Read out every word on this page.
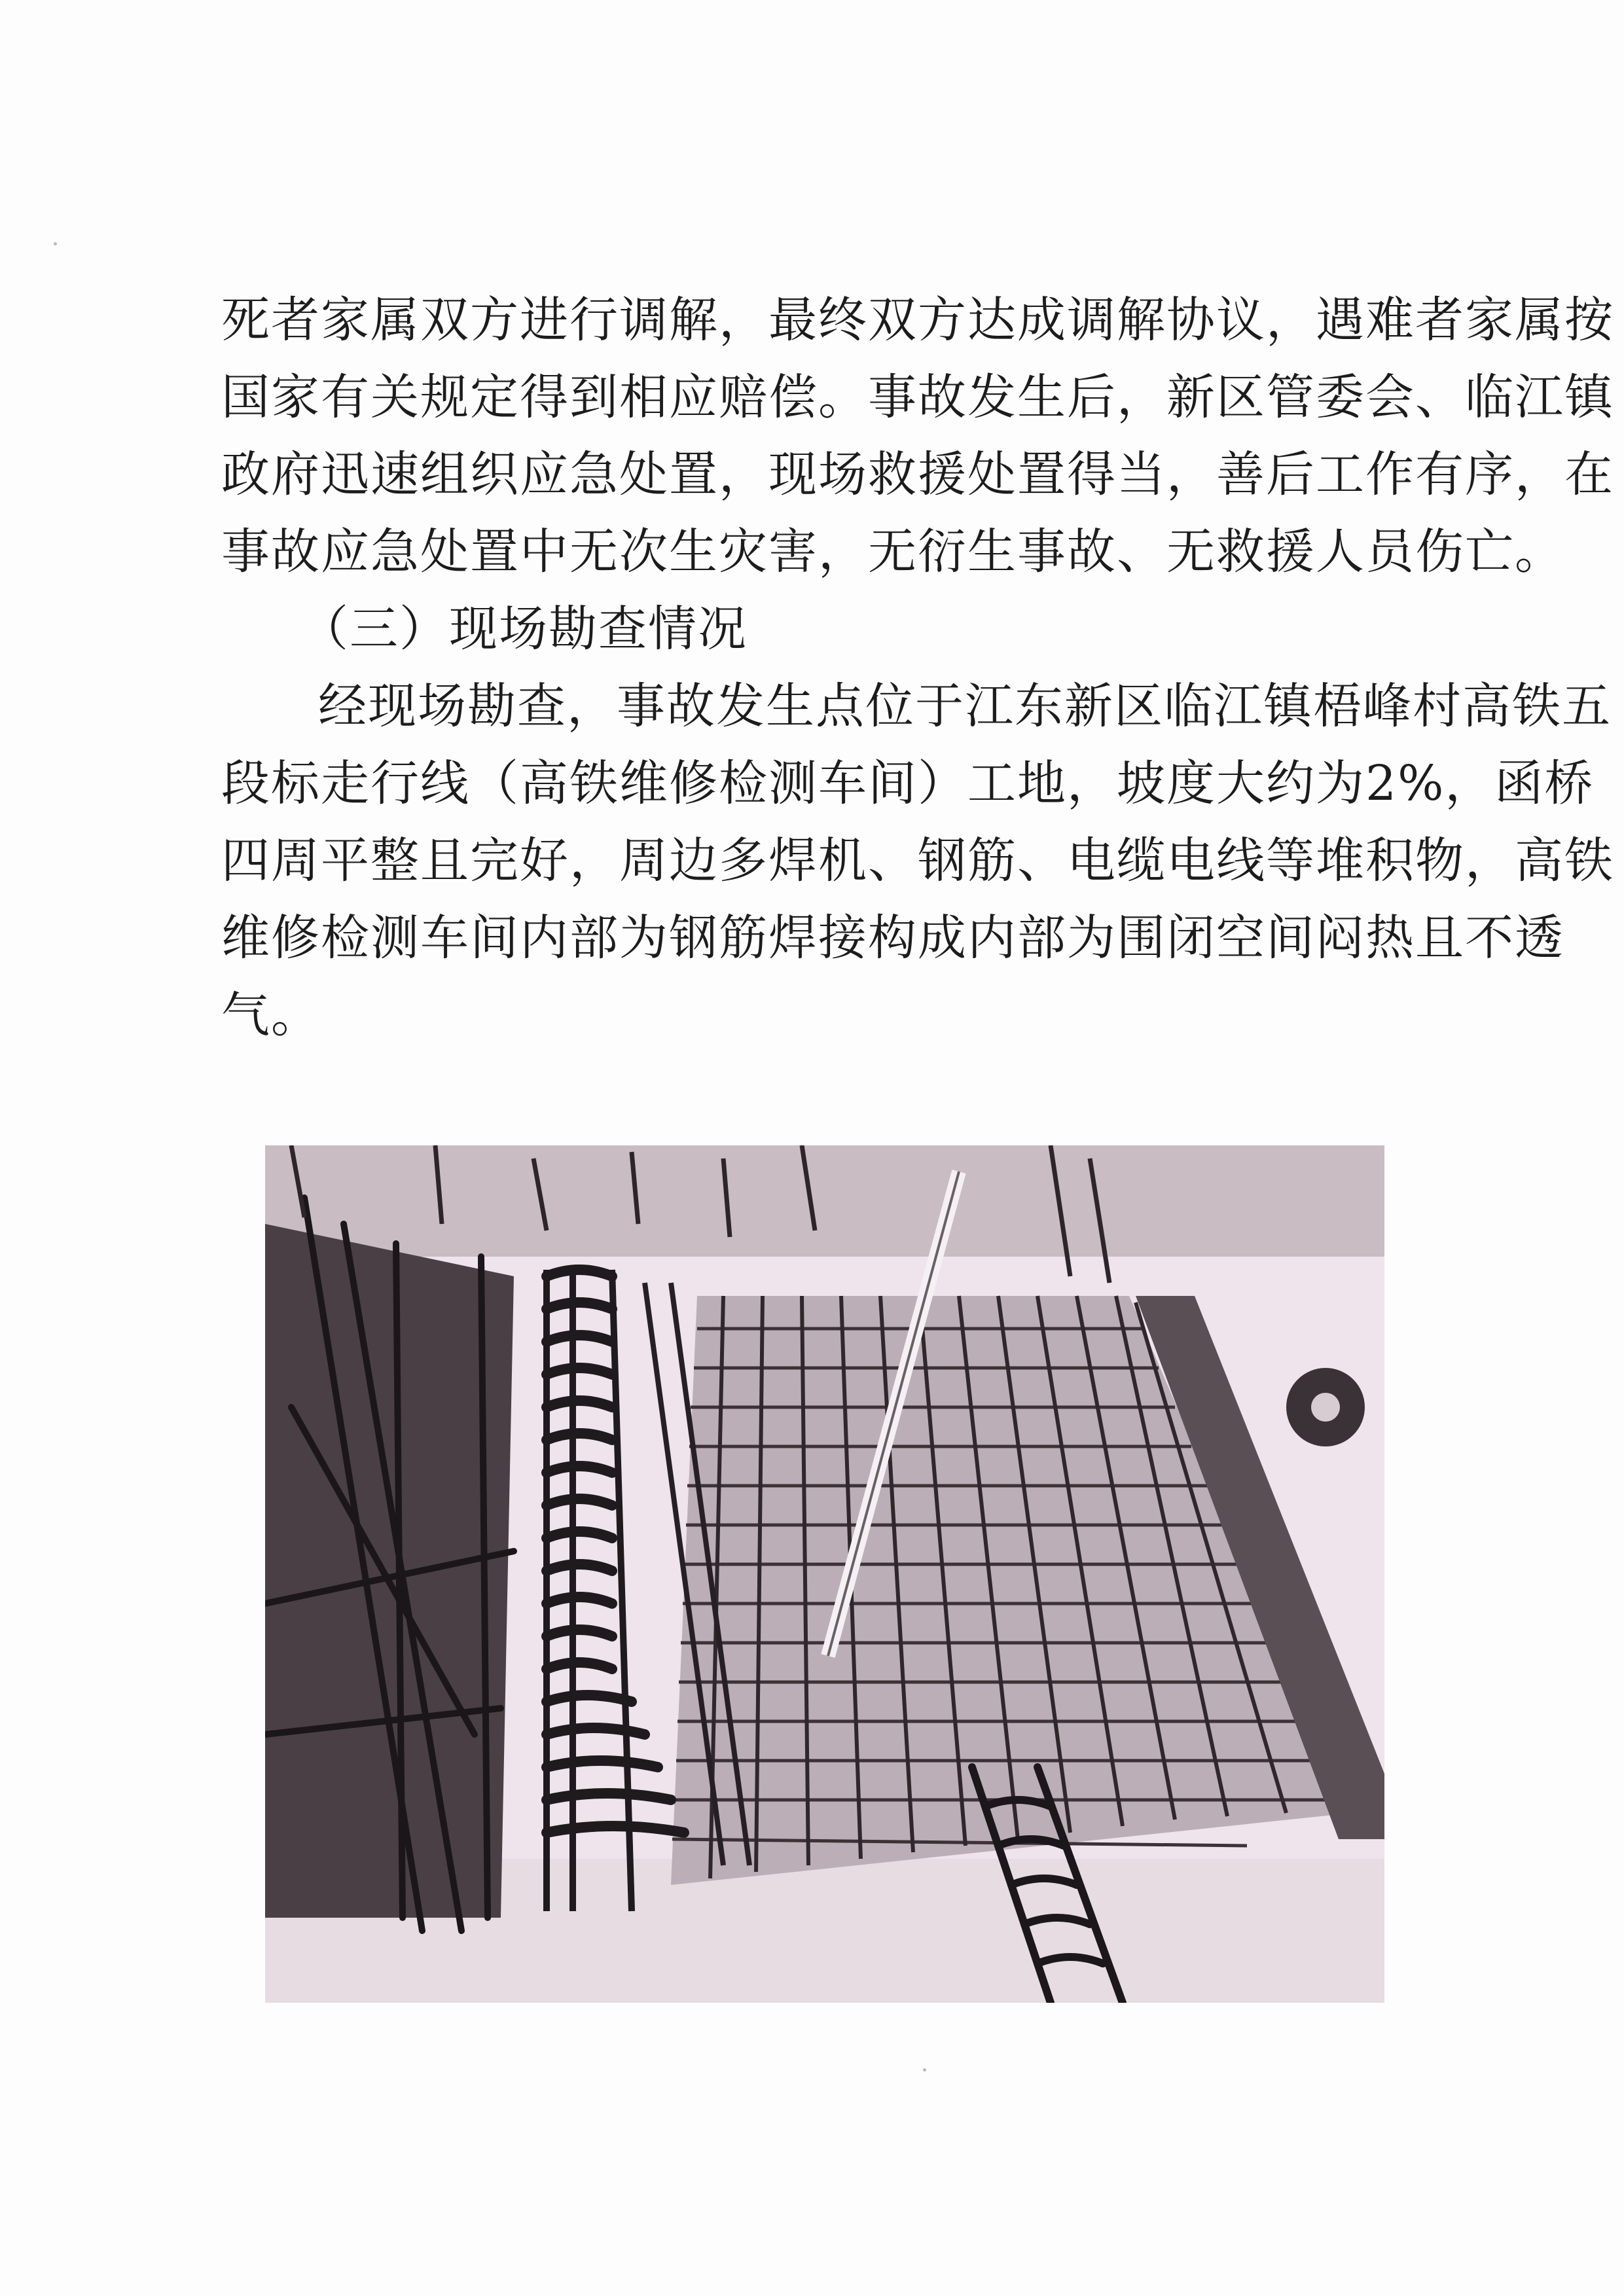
死者家属双方进行调解，最终双方达成调解协议，遇难者家属按
国家有关规定得到相应赔偿。事故发生后，新区管委会、临江镇
政府迅速组织应急处置，现场救援处置得当，善后工作有序，在
事故应急处置中无次生灾害，无衍生事故、无救援人员伤亡。
（三）现场勘查情况
经现场勘查，事故发生点位于江东新区临江镇梧峰村高铁五
段标走行线（高铁维修检测车间）工地，坡度大约为2%，函桥
四周平整且完好，周边多焊机、钢筋、电缆电线等堆积物，高铁
维修检测车间内部为钢筋焊接构成内部为围闭空间闷热且不透
气。
